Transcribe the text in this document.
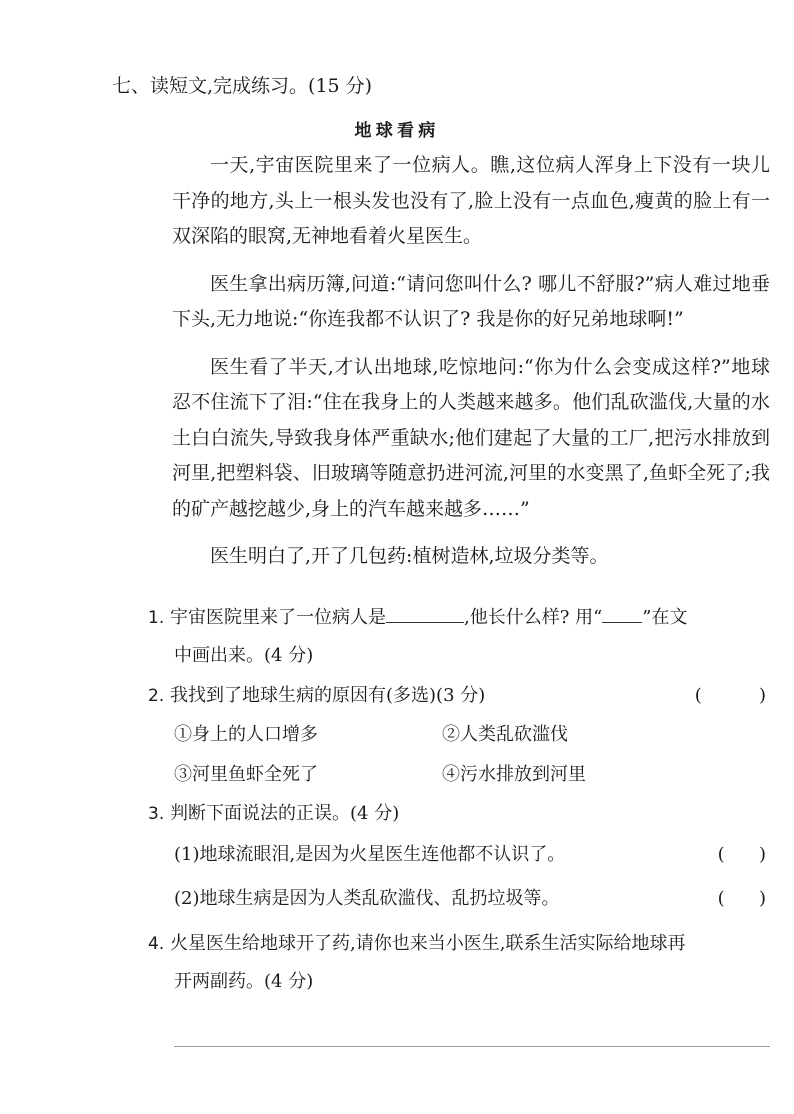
七、读短文,完成练习。(15 分)
地球看病

一天,宇宙医院里来了一位病人。瞧,这位病人浑身上下没有一块儿干净的地方,头上一根头发也没有了,脸上没有一点血色,瘦黄的脸上有一双深陷的眼窝,无神地看着火星医生。

医生拿出病历簿,问道:“请问您叫什么? 哪儿不舒服?”病人难过地垂下头,无力地说:“你连我都不认识了? 我是你的好兄弟地球啊!”

医生看了半天,才认出地球,吃惊地问:“你为什么会变成这样?”地球忍不住流下了泪:“住在我身上的人类越来越多。他们乱砍滥伐,大量的水土白白流失,导致我身体严重缺水;他们建起了大量的工厂,把污水排放到河里,把塑料袋、旧玻璃等随意扔进河流,河里的水变黑了,鱼虾全死了;我的矿产越挖越少,身上的汽车越来越多……”

医生明白了,开了几包药:植树造林,垃圾分类等。

1. 宇宙医院里来了一位病人是	,他长什么样? 用“ ”在文
中画出来。(4 分)
2. 我找到了地球生病的原因有(多选)(3 分)	(          )
①身上的人口增多	②人类乱砍滥伐
③河里鱼虾全死了	④污水排放到河里
3. 判断下面说法的正误。(4 分)
(1)地球流眼泪,是因为火星医生连他都不认识了。	(      )
(2)地球生病是因为人类乱砍滥伐、乱扔垃圾等。	(      )
4. 火星医生给地球开了药,请你也来当小医生,联系生活实际给地球再
开两副药。(4 分)
